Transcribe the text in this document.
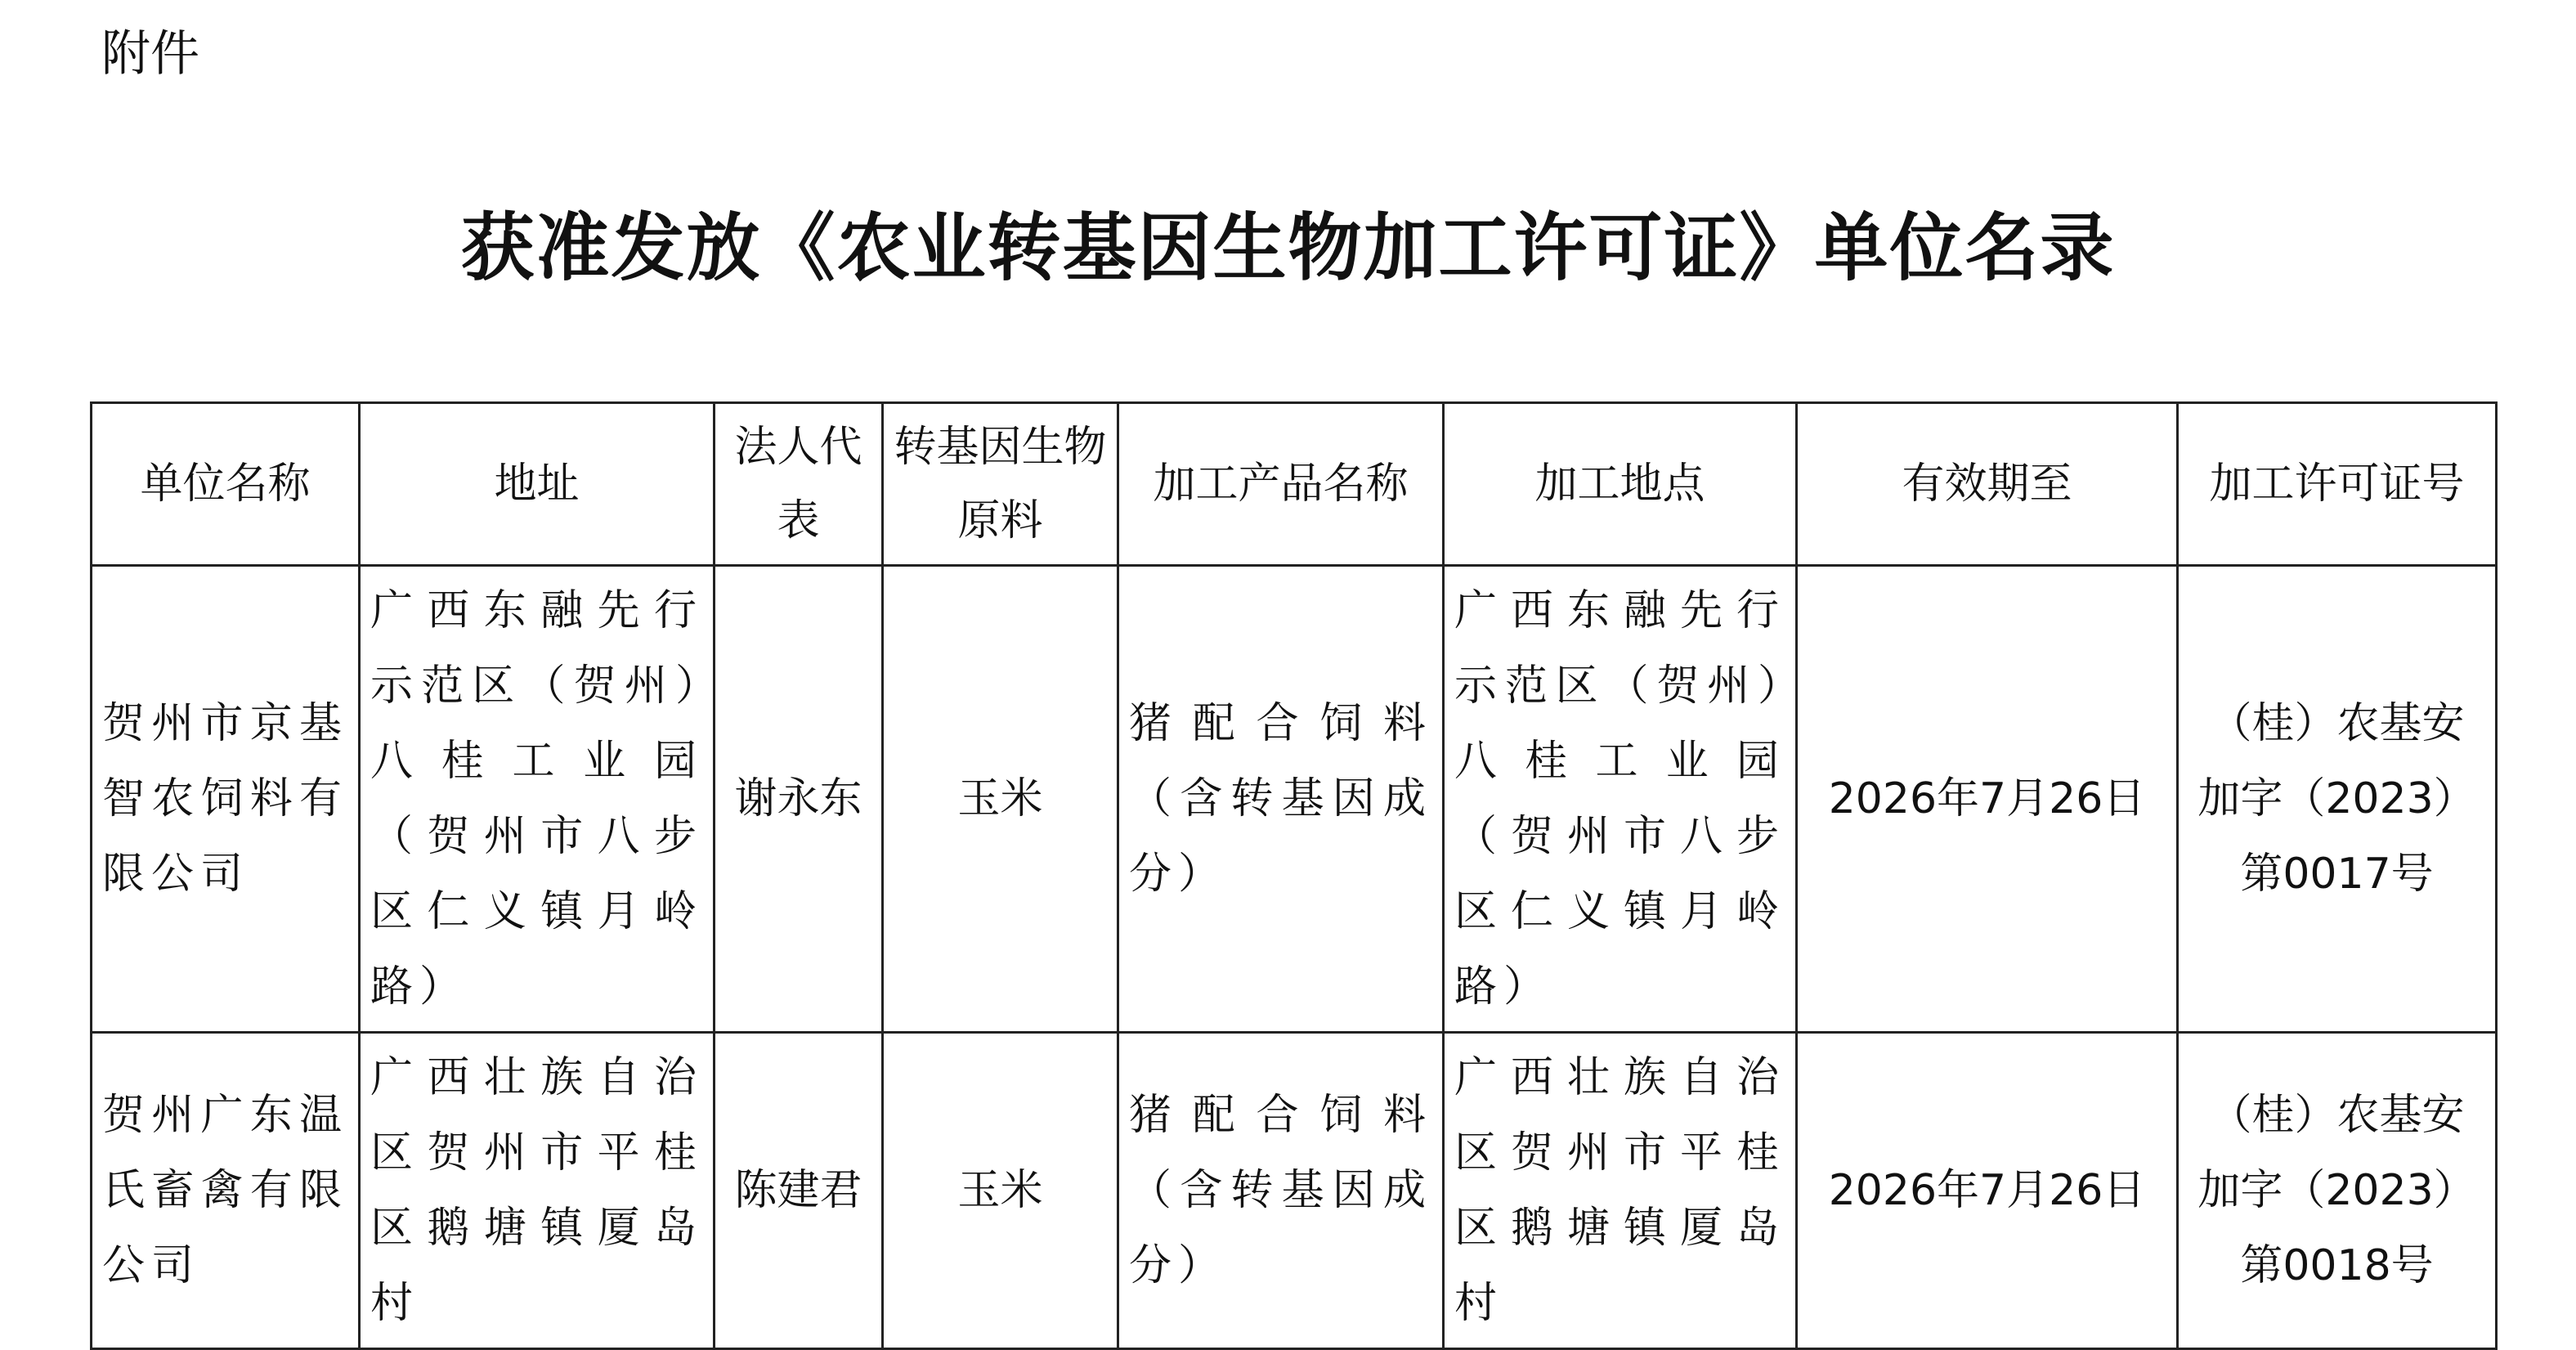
附件
获准发放《农业转基因生物加工许可证》单位名录
单位名称	地址	法人代表	转基因生物原料	加工产品名称	加工地点	有效期至	加工许可证号
贺州市京基智农饲料有限公司	广西东融先行示范区（贺州）八桂工业园（贺州市八步区仁义镇月岭路）	谢永东	玉米	猪配合饲料（含转基因成分）	广西东融先行示范区（贺州）八桂工业园（贺州市八步区仁义镇月岭路）	2026年7月26日	（桂）农基安加字（2023）第0017号
贺州广东温氏畜禽有限公司	广西壮族自治区贺州市平桂区鹅塘镇厦岛村	陈建君	玉米	猪配合饲料（含转基因成分）	广西壮族自治区贺州市平桂区鹅塘镇厦岛村	2026年7月26日	（桂）农基安加字（2023）第0018号
